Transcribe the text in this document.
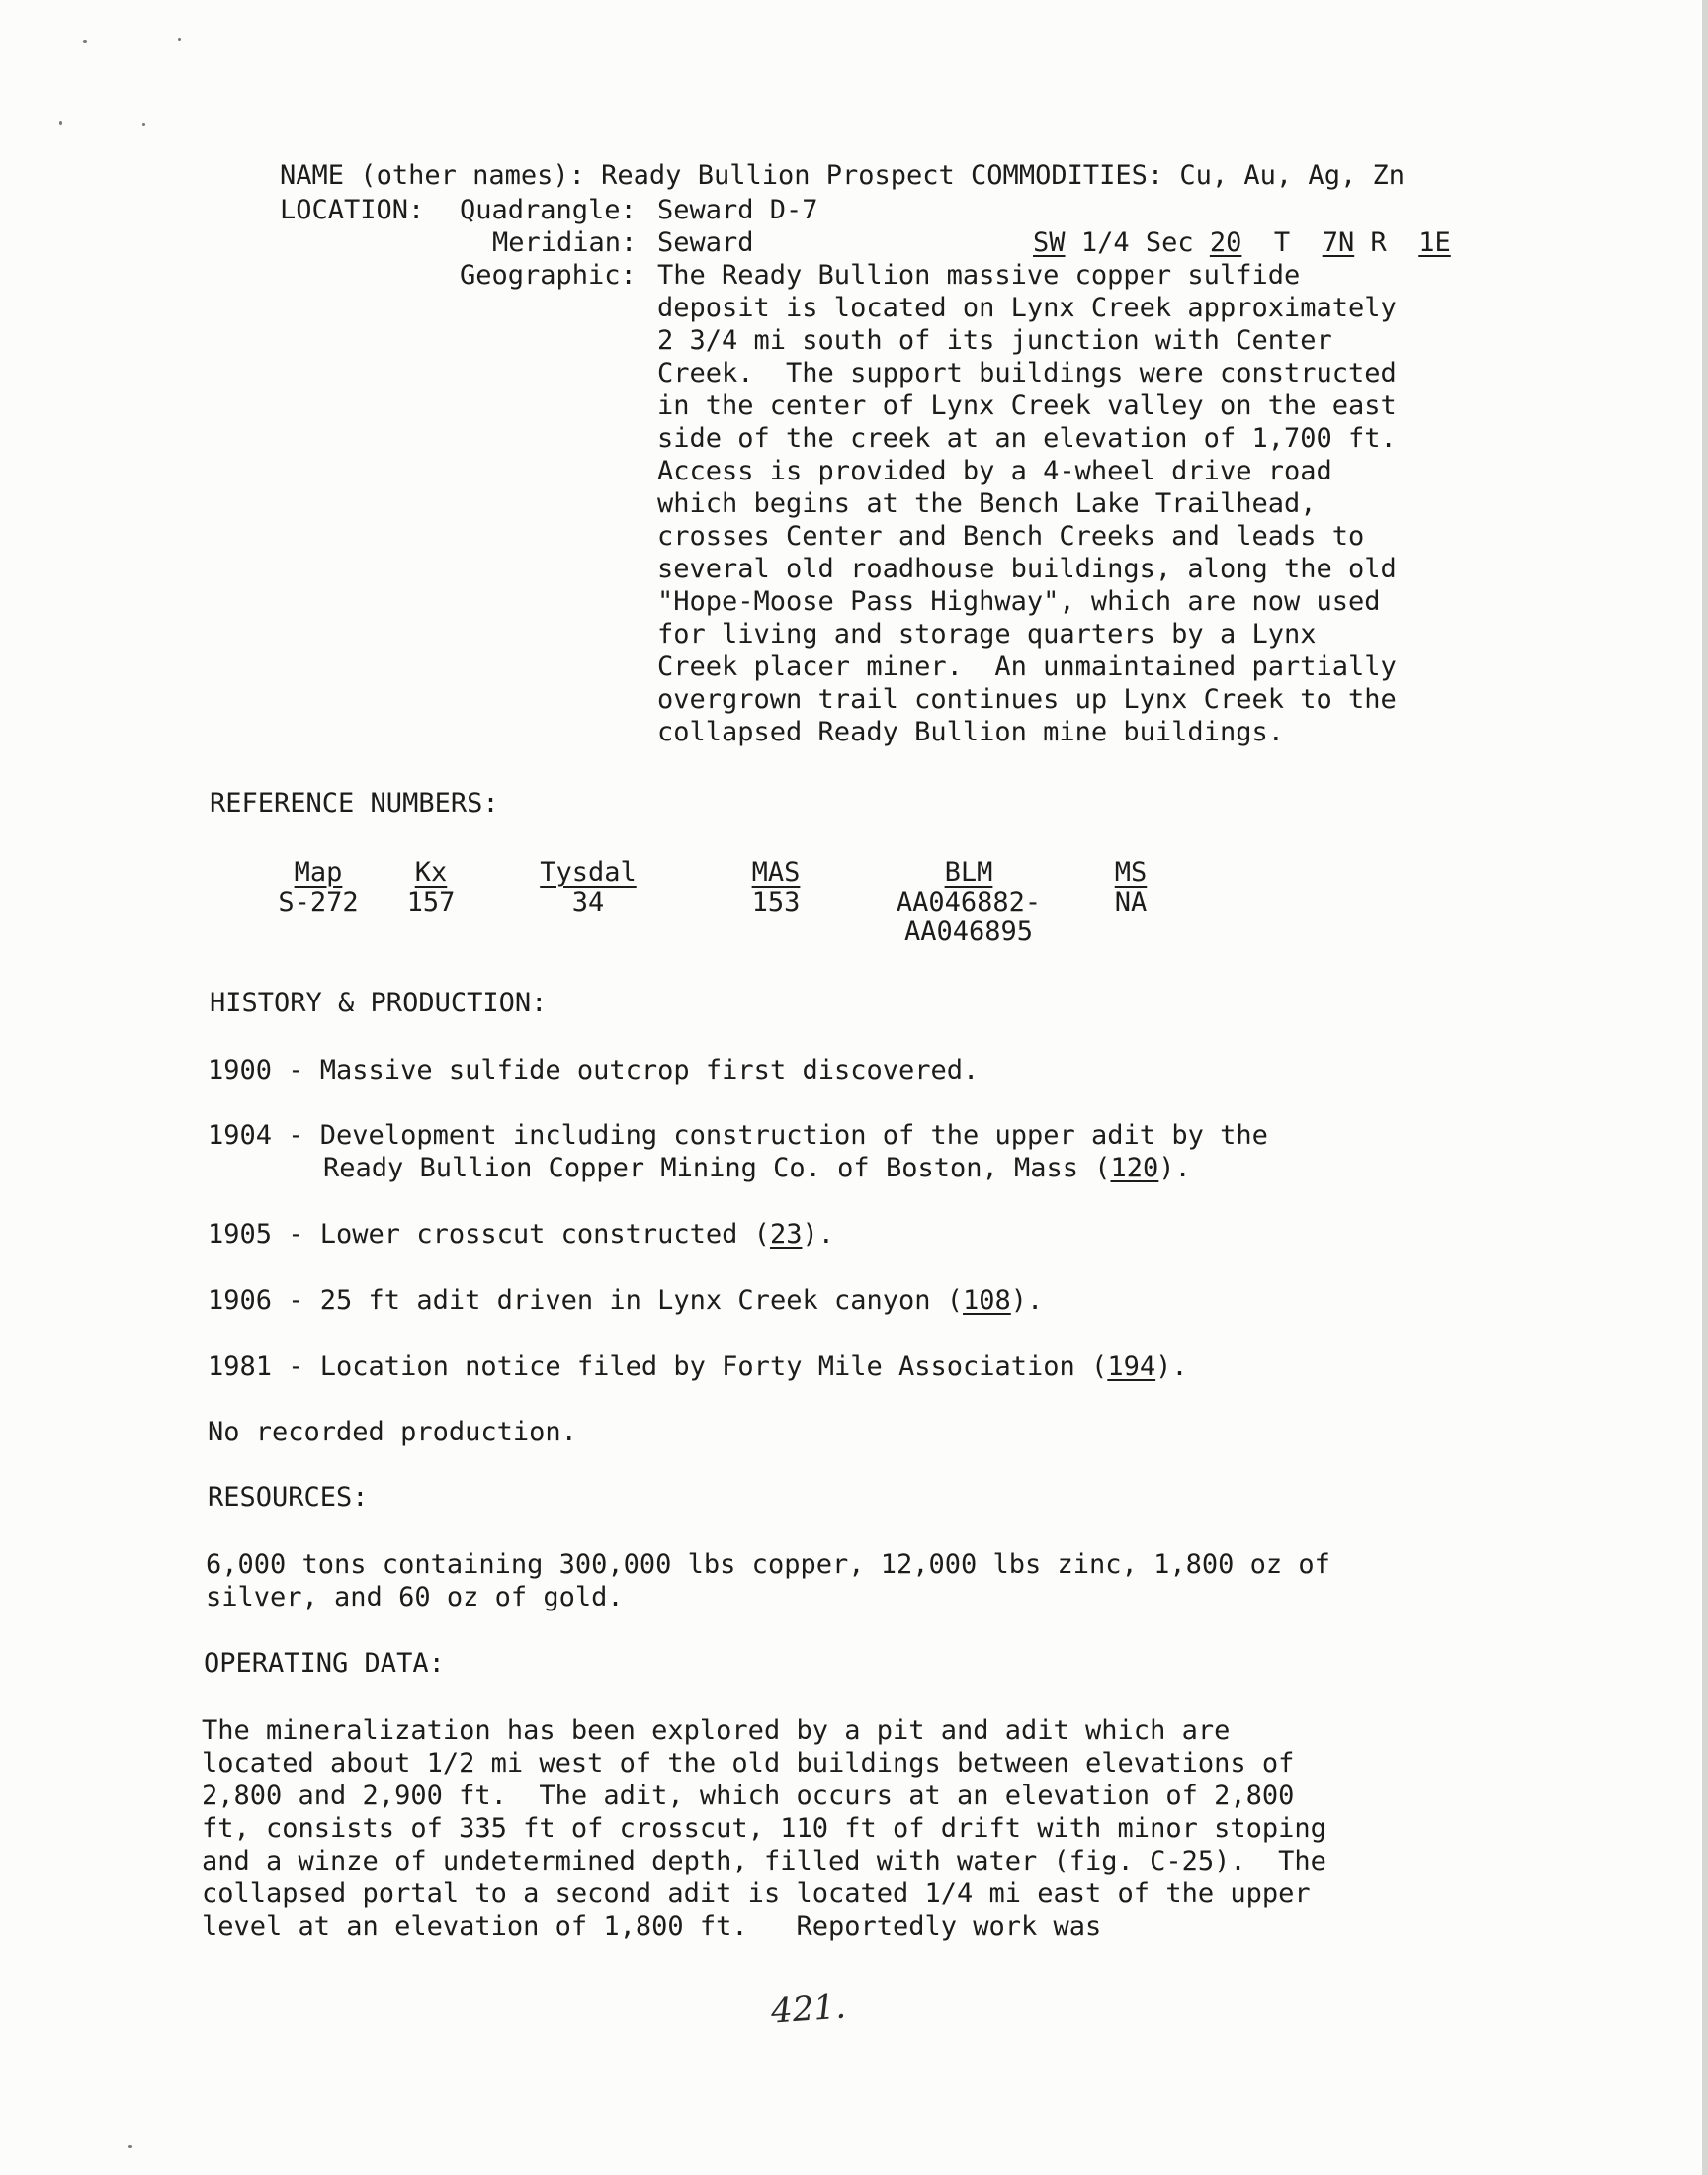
NAME (other names): Ready Bullion Prospect COMMODITIES: Cu, Au, Ag, Zn

LOCATION: Quadrangle: Seward D-7

SW 1/4 Sec 20 T 7N R 1E

Meridian: Seward
Geographic: The Ready Bullion massive copper sulfide
deposit is located on Lynx Creek approximately
2 3/4 mi south of its junction with Center
Creek.  The support buildings were constructed
in the center of Lynx Creek valley on the east
side of the creek at an elevation of 1,700 ft.
Access is provided by a 4-wheel drive road
which begins at the Bench Lake Trailhead,
crosses Center and Bench Creeks and leads to
several old roadhouse buildings, along the old
"Hope-Moose Pass Highway", which are now used
for living and storage quarters by a Lynx
Creek placer miner.  An unmaintained partially
overgrown trail continues up Lynx Creek to the
collapsed Ready Bullion mine buildings.
REFERENCE NUMBERS:
Map
S-272
Kx
157
Tysdal
34
MAS
153
BLM
AA046882-
AA046895
MS
NA
HISTORY & PRODUCTION:
1900 - Massive sulfide outcrop first discovered.
1904 - Development including construction of the upper adit by the
Ready Bullion Copper Mining Co. of Boston, Mass (120).
1905 - Lower crosscut constructed (23).
1906 - 25 ft adit driven in Lynx Creek canyon (108).
1981 - Location notice filed by Forty Mile Association (194).
No recorded production.
RESOURCES:
6,000 tons containing 300,000 lbs copper, 12,000 lbs zinc, 1,800 oz of
silver, and 60 oz of gold.
OPERATING DATA:
The mineralization has been explored by a pit and adit which are
located about 1/2 mi west of the old buildings between elevations of
2,800 and 2,900 ft.  The adit, which occurs at an elevation of 2,800
ft, consists of 335 ft of crosscut, 110 ft of drift with minor stoping
and a winze of undetermined depth, filled with water (fig. C-25).  The
collapsed portal to a second adit is located 1/4 mi east of the upper
level at an elevation of 1,800 ft.   Reportedly work was
421.
